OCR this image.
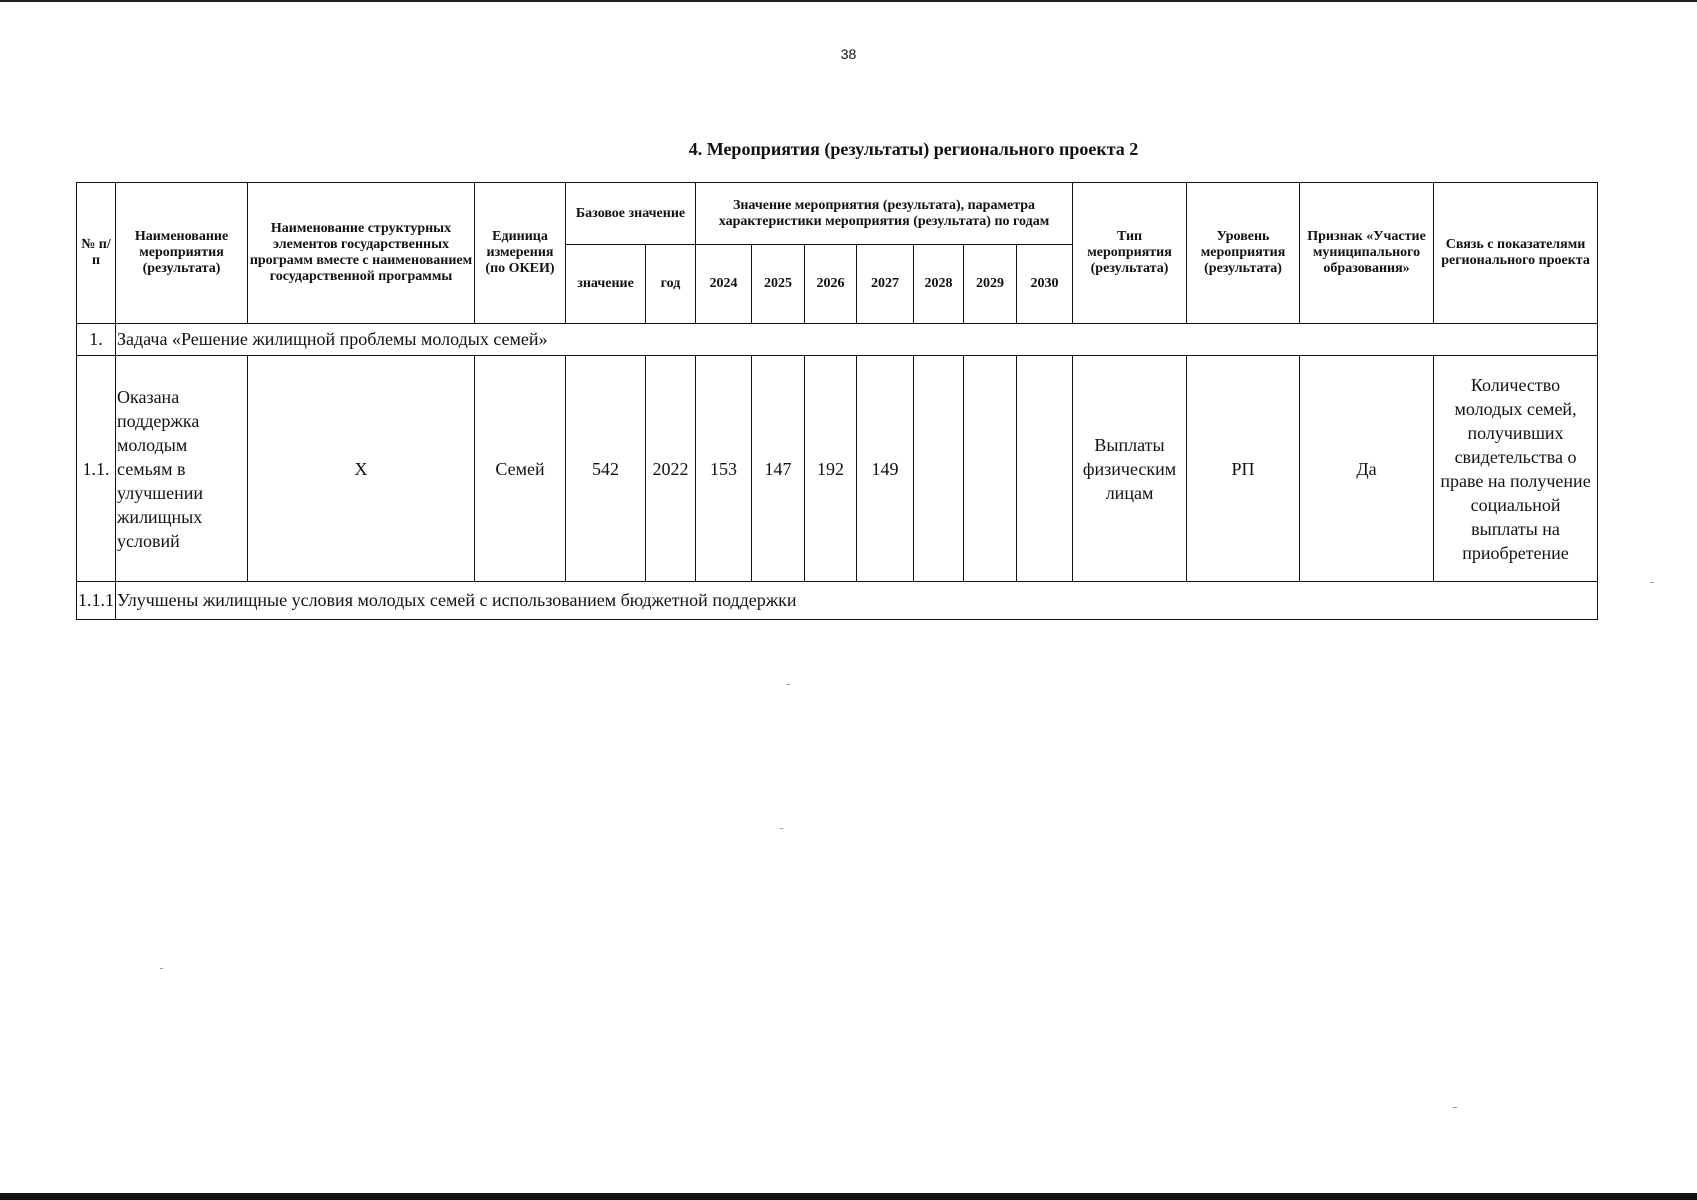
38
4. Мероприятия (результаты) регионального проекта 2
№ п/п	Наименование мероприятия (результата)	Наименование структурных элементов государственных программ вместе с наименованием государственной программы	Единица измерения (по ОКЕИ)	Базовое значение		Значение мероприятия (результата), параметра характеристики мероприятия (результата) по годам							Тип мероприятия (результата)	Уровень мероприятия (результата)	Признак «Участие муниципального образования»	Связь с показателями регионального проекта
				значение	год	2024	2025	2026	2027	2028	2029	2030				
1.	Задача «Решение жилищной проблемы молодых семей»															
1.1.	Оказана поддержка молодым семьям в улучшении жилищных условий	Х	Семей	542	2022	153	147	192	149				Выплаты физическим лицам	РП	Да	Количество молодых семей, получивших свидетельства о праве на получение социальной выплаты на приобретение
1.1.1	Улучшены жилищные условия молодых семей с использованием бюджетной поддержки															
